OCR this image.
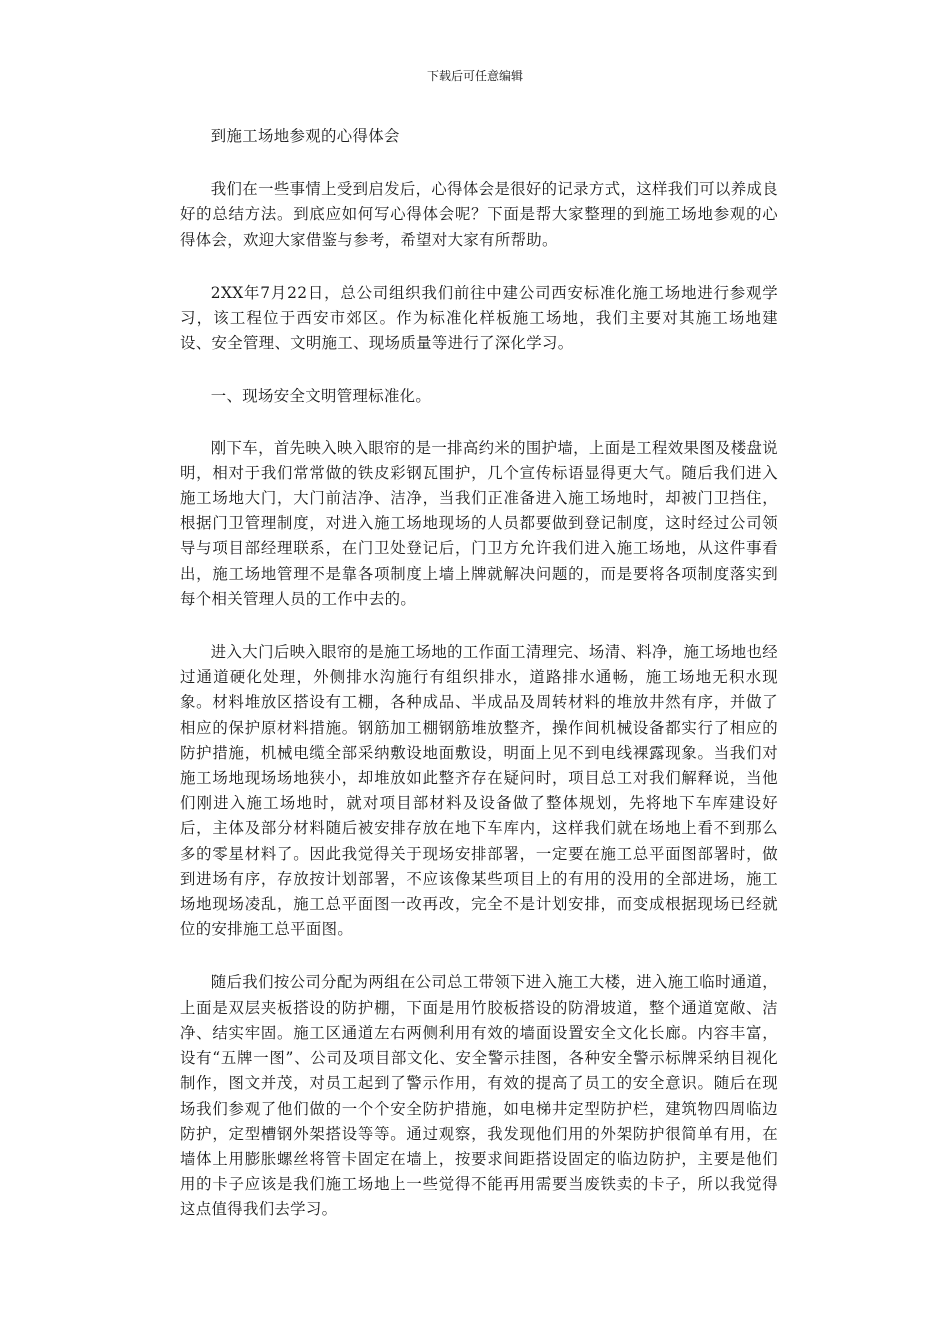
下载后可任意编辑

到施工场地参观的心得体会

我们在一些事情上受到启发后，心得体会是很好的记录方式，这样我们可以养成良好的总结方法。到底应如何写心得体会呢？下面是帮大家整理的到施工场地参观的心得体会，欢迎大家借鉴与参考，希望对大家有所帮助。

2XX年7月22日，总公司组织我们前往中建公司西安标准化施工场地进行参观学习，该工程位于西安市郊区。作为标准化样板施工场地，我们主要对其施工场地建设、安全管理、文明施工、现场质量等进行了深化学习。

一、现场安全文明管理标准化。

刚下车，首先映入映入眼帘的是一排高约米的围护墙，上面是工程效果图及楼盘说明，相对于我们常常做的铁皮彩钢瓦围护，几个宣传标语显得更大气。随后我们进入施工场地大门，大门前洁净、洁净，当我们正准备进入施工场地时，却被门卫挡住，根据门卫管理制度，对进入施工场地现场的人员都要做到登记制度，这时经过公司领导与项目部经理联系，在门卫处登记后，门卫方允许我们进入施工场地，从这件事看出，施工场地管理不是靠各项制度上墙上牌就解决问题的，而是要将各项制度落实到每个相关管理人员的工作中去的。

进入大门后映入眼帘的是施工场地的工作面工清理完、场清、料净，施工场地也经过通道硬化处理，外侧排水沟施行有组织排水，道路排水通畅，施工场地无积水现象。材料堆放区搭设有工棚，各种成品、半成品及周转材料的堆放井然有序，并做了相应的保护原材料措施。钢筋加工棚钢筋堆放整齐，操作间机械设备都实行了相应的防护措施，机械电缆全部采纳敷设地面敷设，明面上见不到电线裸露现象。当我们对施工场地现场场地狭小，却堆放如此整齐存在疑问时，项目总工对我们解释说，当他们刚进入施工场地时，就对项目部材料及设备做了整体规划，先将地下车库建设好后，主体及部分材料随后被安排存放在地下车库内，这样我们就在场地上看不到那么多的零星材料了。因此我觉得关于现场安排部署，一定要在施工总平面图部署时，做到进场有序，存放按计划部署，不应该像某些项目上的有用的没用的全部进场，施工场地现场凌乱，施工总平面图一改再改，完全不是计划安排，而变成根据现场已经就位的安排施工总平面图。

随后我们按公司分配为两组在公司总工带领下进入施工大楼，进入施工临时通道，上面是双层夹板搭设的防护棚，下面是用竹胶板搭设的防滑坡道，整个通道宽敞、洁净、结实牢固。施工区通道左右两侧利用有效的墙面设置安全文化长廊。内容丰富，设有“五牌一图”、公司及项目部文化、安全警示挂图，各种安全警示标牌采纳目视化制作，图文并茂，对员工起到了警示作用，有效的提高了员工的安全意识。随后在现场我们参观了他们做的一个个安全防护措施，如电梯井定型防护栏，建筑物四周临边防护，定型槽钢外架搭设等等。通过观察，我发现他们用的外架防护很简单有用，在墙体上用膨胀螺丝将管卡固定在墙上，按要求间距搭设固定的临边防护，主要是他们用的卡子应该是我们施工场地上一些觉得不能再用需要当废铁卖的卡子，所以我觉得这点值得我们去学习。
